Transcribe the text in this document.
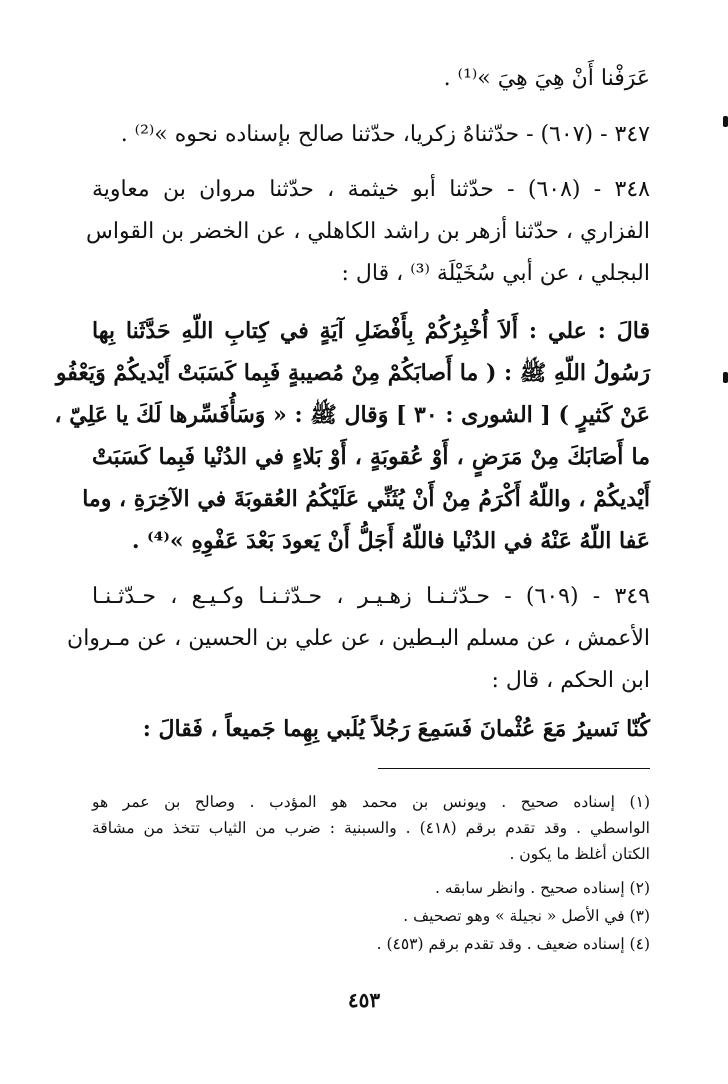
عَرَفْنا أَنْ هِيَ هِيَ »⁽¹⁾ .
٣٤٧ - (٦٠٧) - حدّثناهُ زكريا، حدّثنا صالح بإسناده نحوه »⁽²⁾ .
٣٤٨ - (٦٠٨) - حدّثنا أبو خيثمة ، حدّثنا مروان بن معاوية
الفزاري ، حدّثنا أزهر بن راشد الكاهلي ، عن الخضر بن القواس
البجلي ، عن أبي سُخَيْلَة ⁽³⁾ ، قال :
قالَ : علي : أَلاَ أُخْبِرُكُمْ بِأَفْضَلِ آيَةٍ في كِتابِ اللّهِ حَدَّثَنا بِها
رَسُولُ اللّهِ ﷺ : ( ما أَصابَكُمْ مِنْ مُصيبةٍ فَبِما كَسَبَتْ أَيْديكُمْ وَيَعْفُو
عَنْ كَثيرٍ ) [ الشورى : ٣٠ ] وَقال ﷺ : « وَسَأُفَسِّرها لَكَ يا عَلِيّ ،
ما أَصَابَكَ مِنْ مَرَضٍ ، أَوْ عُقوبَةٍ ، أَوْ بَلاءٍ في الدُنْيا فَبِما كَسَبَتْ
أَيْديكُمْ ، واللّهُ أَكْرَمُ مِنْ أَنْ يُثَنِّي عَلَيْكُمُ العُقوبَةَ في الآخِرَةِ ، وما
عَفا اللّهُ عَنْهُ في الدُنْيا فاللّهُ أَجَلُّ أَنْ يَعودَ بَعْدَ عَفْوِهِ »⁽⁴⁾ .
٣٤٩ - (٦٠٩) - حـدّثـنـا زهـيـر ، حـدّثـنـا وكـيـع ، حـدّثـنـا
الأعمش ، عن مسلم البـطين ، عن علي بن الحسين ، عن مـروان
ابن الحكم ، قال :
كُنّا نَسيرُ مَعَ عُثْمانَ فَسَمِعَ رَجُلاً يُلَبي بِهِما جَميعاً ، فَقالَ :
(١) إسناده صحيح . ويونس بن محمد هو المؤدب . وصالح بن عمر هو
الواسطي . وقد تقدم برقم (٤١٨) . والسبنية : ضرب من الثياب تتخذ من مشاقة
الكتان أغلظ ما يكون .
(٢) إسناده صحيح . وانظر سابقه .
(٣) في الأصل « نجيلة » وهو تصحيف .
(٤) إسناده ضعيف . وقد تقدم برقم (٤٥٣) .
٤٥٣
